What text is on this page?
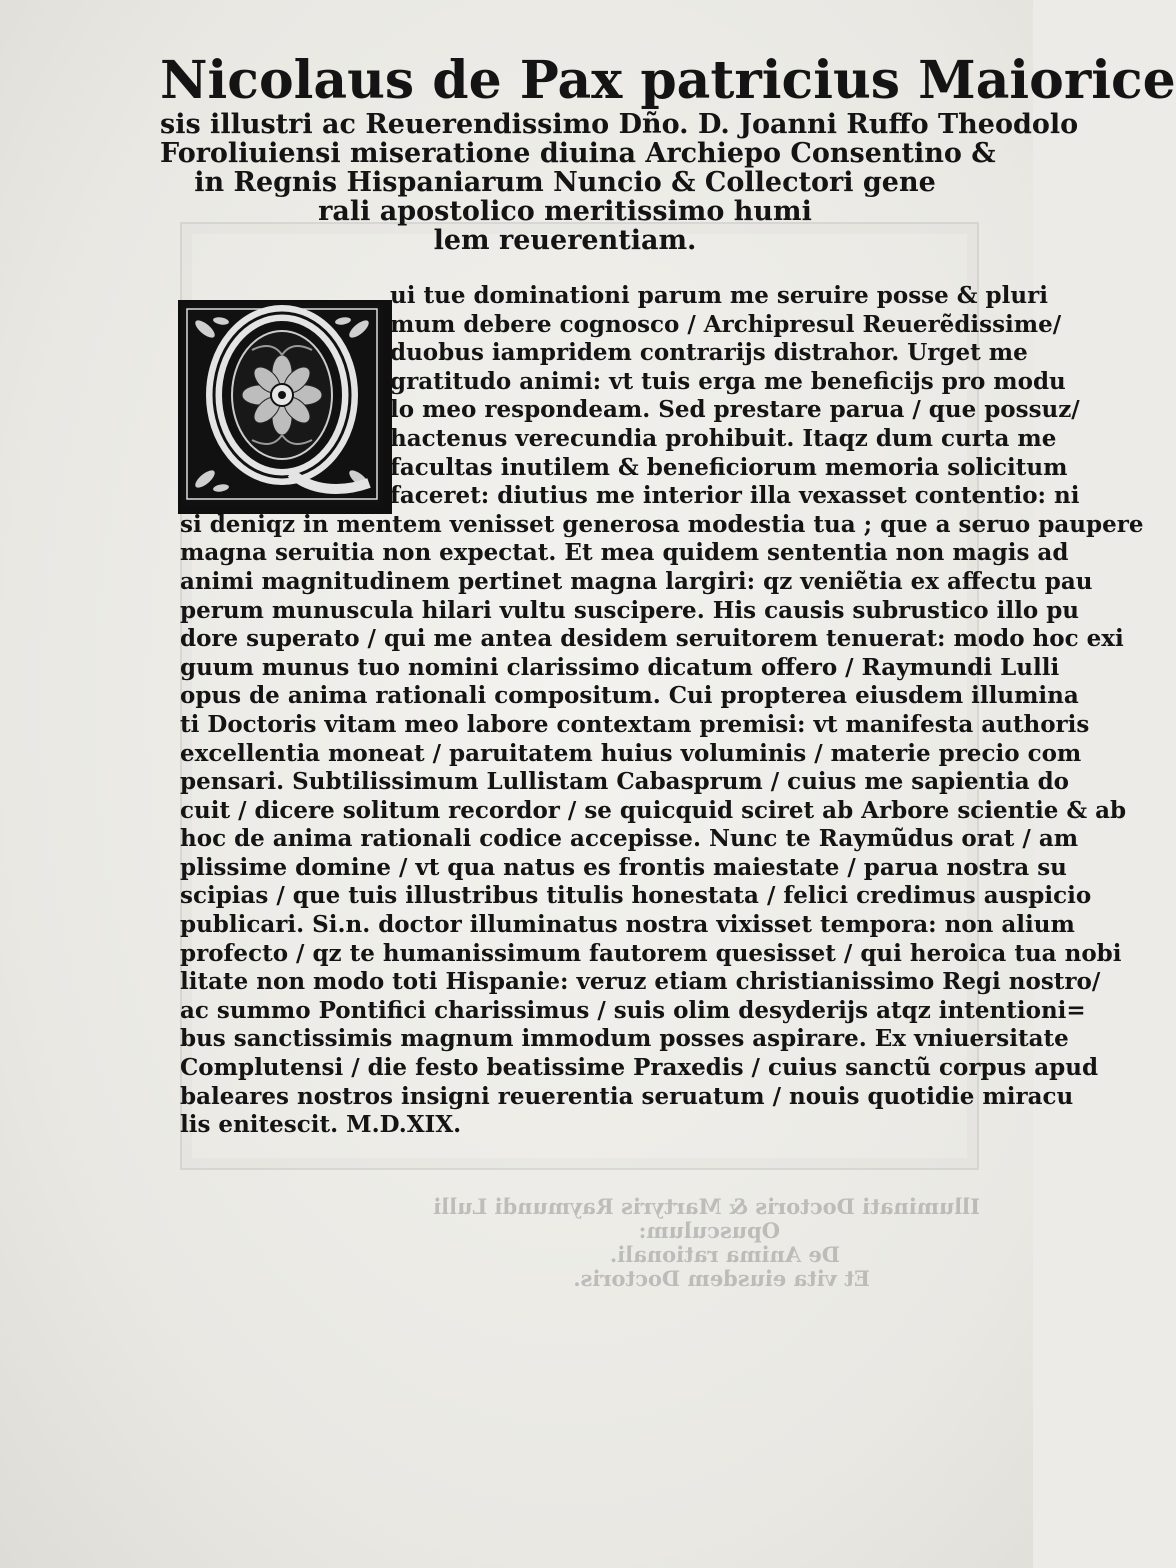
Illuminati Doctoris & Martyris Raymundi Lulli
Opusculum:
De Anima rationali.
Et vita eiusdem Doctoris.
Nicolaus de Pax patricius Maiorice
sis illustri ac Reuerendissimo Dño. D. Joanni Ruffo Theodolo
Foroliuiensi miseratione diuina Archiepo Consentino &
in Regnis Hispaniarum Nuncio & Collectori gene
rali apostolico meritissimo humi
lem reuerentiam.
ui tue dominationi parum me seruire posse & pluri
mum debere cognosco / Archipresul Reuerẽdissime/
duobus iampridem contrarijs distrahor. Urget me
gratitudo animi: vt tuis erga me beneficijs pro modu
lo meo respondeam. Sed prestare parua / que possuz/
hactenus verecundia prohibuit. Itaqz dum curta me
facultas inutilem & beneficiorum memoria solicitum
faceret: diutius me interior illa vexasset contentio: ni
si deniqz in mentem venisset generosa modestia tua ; que a seruo paupere
magna seruitia non expectat. Et mea quidem sententia non magis ad
animi magnitudinem pertinet magna largiri: qz veniẽtia ex affectu pau
perum munuscula hilari vultu suscipere. His causis subrustico illo pu
dore superato / qui me antea desidem seruitorem tenuerat: modo hoc exi
guum munus tuo nomini clarissimo dicatum offero / Raymundi Lulli
opus de anima rationali compositum. Cui propterea eiusdem illumina
ti Doctoris vitam meo labore contextam premisi: vt manifesta authoris
excellentia moneat / paruitatem huius voluminis / materie precio com
pensari. Subtilissimum Lullistam Cabasprum / cuius me sapientia do
cuit / dicere solitum recordor / se quicquid sciret ab Arbore scientie & ab
hoc de anima rationali codice accepisse. Nunc te Raymũdus orat / am
plissime domine / vt qua natus es frontis maiestate / parua nostra su
scipias / que tuis illustribus titulis honestata / felici credimus auspicio
publicari. Si.n. doctor illuminatus nostra vixisset tempora: non alium
profecto / qz te humanissimum fautorem quesisset / qui heroica tua nobi
litate non modo toti Hispanie: veruz etiam christianissimo Regi nostro/
ac summo Pontifici charissimus / suis olim desyderijs atqz intentioni=
bus sanctissimis magnum immodum posses aspirare. Ex vniuersitate
Complutensi / die festo beatissime Praxedis / cuius sanctũ corpus apud
baleares nostros insigni reuerentia seruatum / nouis quotidie miracu
lis enitescit. M.D.XIX.
